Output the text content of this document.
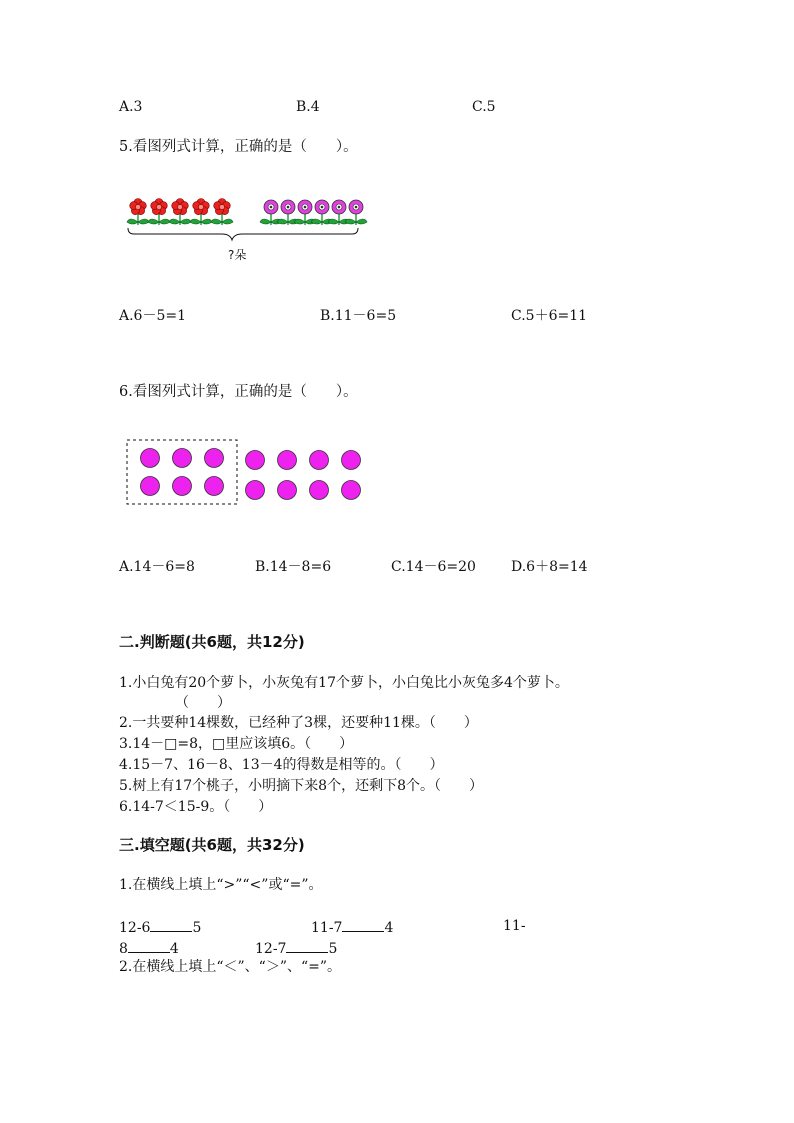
A.3	B.4	C.5
5.看图列式计算，正确的是（　　）。
?朵
A.6－5=1	B.11－6=5	C.5＋6=11
6.看图列式计算，正确的是（　　）。
A.14－6=8	B.14－8=6	C.14－6=20	D.6＋8=14
二.判断题(共6题，共12分)
1.小白兔有20个萝卜，小灰兔有17个萝卜，小白兔比小灰兔多4个萝卜。
（　　）
2.一共要种14棵数，已经种了3棵，还要种11棵。（　　）
3.14－□=8，□里应该填6。（　　）
4.15－7、16－8、13－4的得数是相等的。（　　）
5.树上有17个桃子，小明摘下来8个，还剩下8个。（　　）
6.14-7＜15-9。（　　）
三.填空题(共6题，共32分)
1.在横线上填上“>”“<”或“=”。
12-6	5	11-7	4	11-
8	4	12-7	5
2.在横线上填上“＜”、“＞”、“=”。
